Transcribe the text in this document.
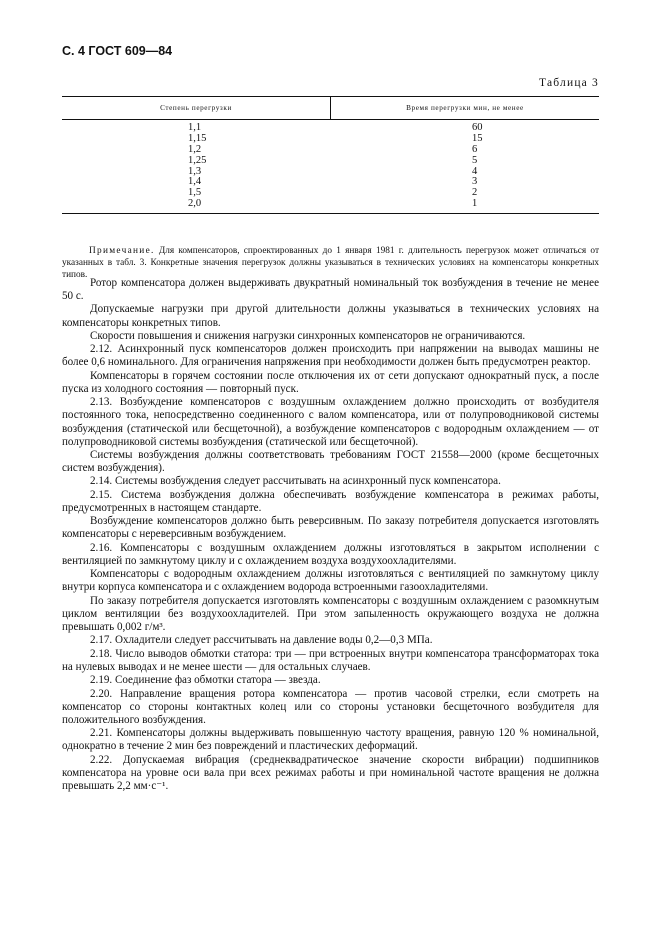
С. 4 ГОСТ 609—84
Таблица 3
Степень перегрузки	Время перегрузки мин, не менее
1,1
1,15
1,2
1,25
1,3
1,4
1,5
2,0
60
15
6
5
4
3
2
1

Примечание. Для компенсаторов, спроектированных до 1 января 1981 г. длительность перегрузок может отличаться от указанных в табл. 3. Конкретные значения перегрузок должны указываться в технических условиях на компенсаторы конкретных типов.

Ротор компенсатора должен выдерживать двукратный номинальный ток возбуждения в течение не менее 50 с.

Допускаемые нагрузки при другой длительности должны указываться в технических условиях на компенсаторы конкретных типов.

Скорости повышения и снижения нагрузки синхронных компенсаторов не ограничиваются.

2.12. Асинхронный пуск компенсаторов должен происходить при напряжении на выводах машины не более 0,6 номинального. Для ограничения напряжения при необходимости должен быть предусмотрен реактор.

Компенсаторы в горячем состоянии после отключения их от сети допускают однократный пуск, а после пуска из холодного состояния — повторный пуск.

2.13. Возбуждение компенсаторов с воздушным охлаждением должно происходить от возбудителя постоянного тока, непосредственно соединенного с валом компенсатора, или от полупроводниковой системы возбуждения (статической или бесщеточной), а возбуждение компенсаторов с водородным охлаждением — от полупроводниковой системы возбуждения (статической или бесщеточной).

Системы возбуждения должны соответствовать требованиям ГОСТ 21558—2000 (кроме бесщеточных систем возбуждения).

2.14. Системы возбуждения следует рассчитывать на асинхронный пуск компенсатора.

2.15. Система возбуждения должна обеспечивать возбуждение компенсатора в режимах работы, предусмотренных в настоящем стандарте.

Возбуждение компенсаторов должно быть реверсивным. По заказу потребителя допускается изготовлять компенсаторы с нереверсивным возбуждением.

2.16. Компенсаторы с воздушным охлаждением должны изготовляться в закрытом исполнении с вентиляцией по замкнутому циклу и с охлаждением воздуха воздухоохладителями.

Компенсаторы с водородным охлаждением должны изготовляться с вентиляцией по замкнутому циклу внутри корпуса компенсатора и с охлаждением водорода встроенными газоохладителями.

По заказу потребителя допускается изготовлять компенсаторы с воздушным охлаждением с разомкнутым циклом вентиляции без воздухоохладителей. При этом запыленность окружающего воздуха не должна превышать 0,002 г/м³.

2.17. Охладители следует рассчитывать на давление воды 0,2—0,3 МПа.

2.18. Число выводов обмотки статора: три — при встроенных внутри компенсатора трансформаторах тока на нулевых выводах и не менее шести — для остальных случаев.

2.19. Соединение фаз обмотки статора — звезда.

2.20. Направление вращения ротора компенсатора — против часовой стрелки, если смотреть на компенсатор со стороны контактных колец или со стороны установки бесщеточного возбудителя для положительного возбуждения.

2.21. Компенсаторы должны выдерживать повышенную частоту вращения, равную 120 % номинальной, однократно в течение 2 мин без повреждений и пластических деформаций.

2.22. Допускаемая вибрация (среднеквадратическое значение скорости вибрации) подшипников компенсатора на уровне оси вала при всех режимах работы и при номинальной частоте вращения не должна превышать 2,2 мм·с⁻¹.
